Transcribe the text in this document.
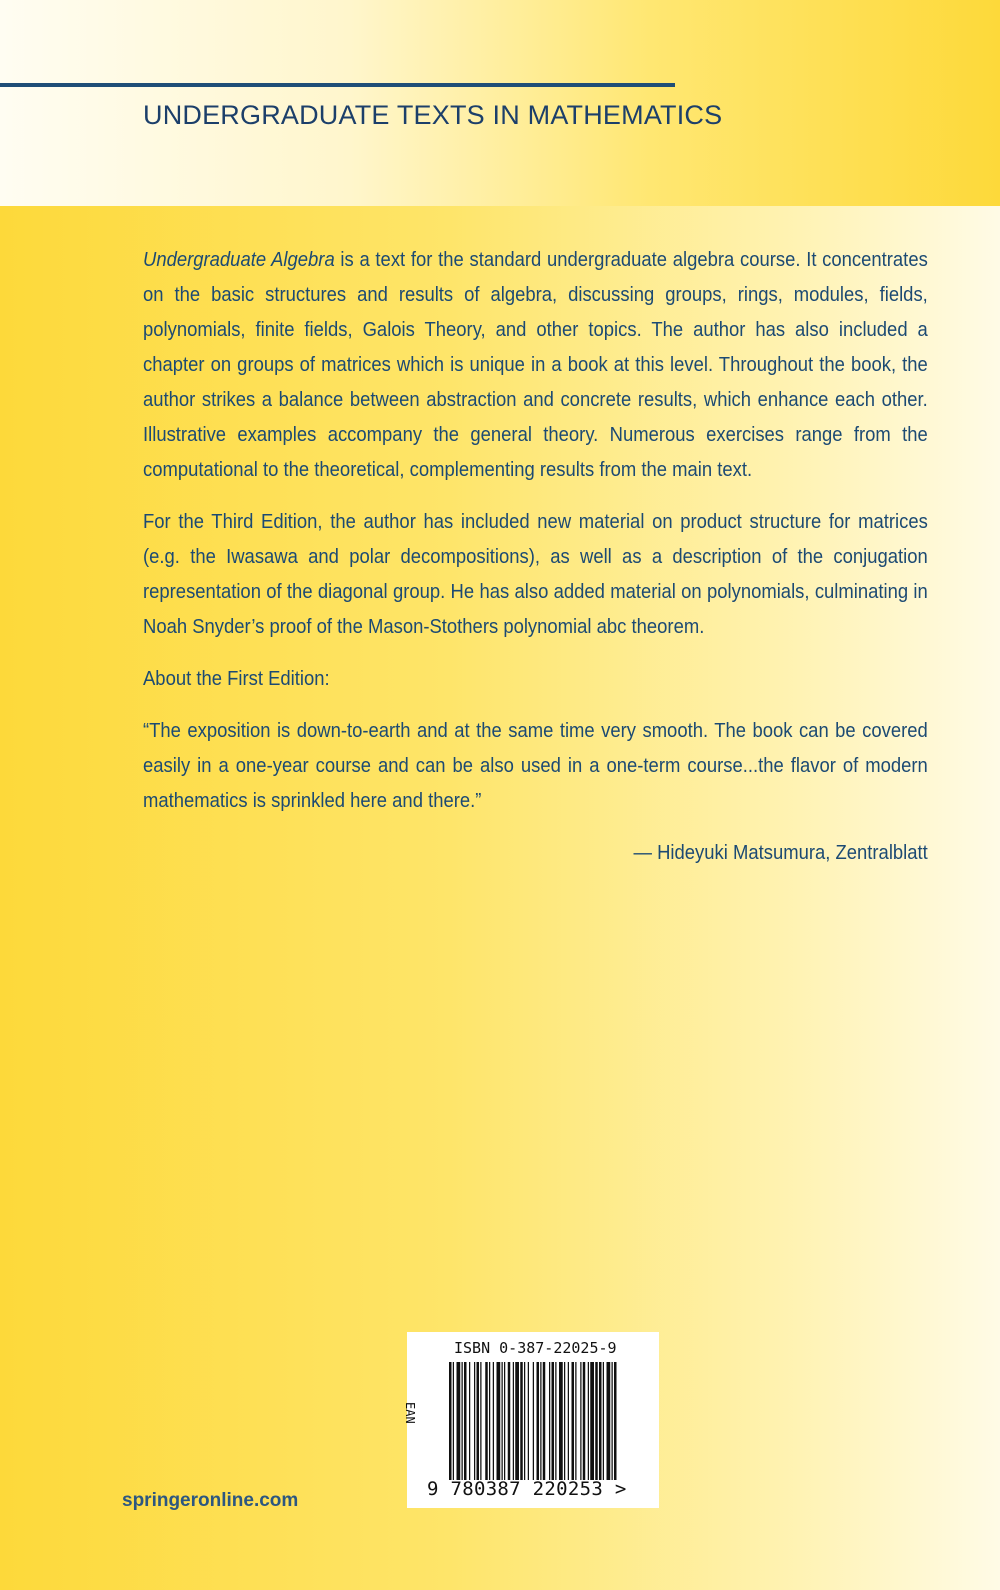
UNDERGRADUATE TEXTS IN MATHEMATICS

Undergraduate Algebra is a text for the standard undergraduate algebra course. It concentrates on the basic structures and results of algebra, discussing groups, rings, modules, fields, polynomials, finite fields, Galois Theory, and other topics. The author has also included a chapter on groups of matrices which is unique in a book at this level. Throughout the book, the author strikes a balance between abstraction and concrete results, which enhance each other. Illustrative examples accompany the general theory. Numerous exercises range from the computational to the theoretical, complementing results from the main text.

For the Third Edition, the author has included new material on product structure for matrices (e.g. the Iwasawa and polar decompositions), as well as a description of the conjugation representation of the diagonal group. He has also added material on polynomials, culminating in Noah Snyder’s proof of the Mason-Stothers polynomial abc theorem.

About the First Edition:

“The exposition is down-to-earth and at the same time very smooth. The book can be covered easily in a one-year course and can be also used in a one-term course...the flavor of modern mathematics is sprinkled here and there.”

— Hideyuki Matsumura, Zentralblatt

ISBN 0-387-22025-9
EAN
9 780387 220253 >
springeronline.com
